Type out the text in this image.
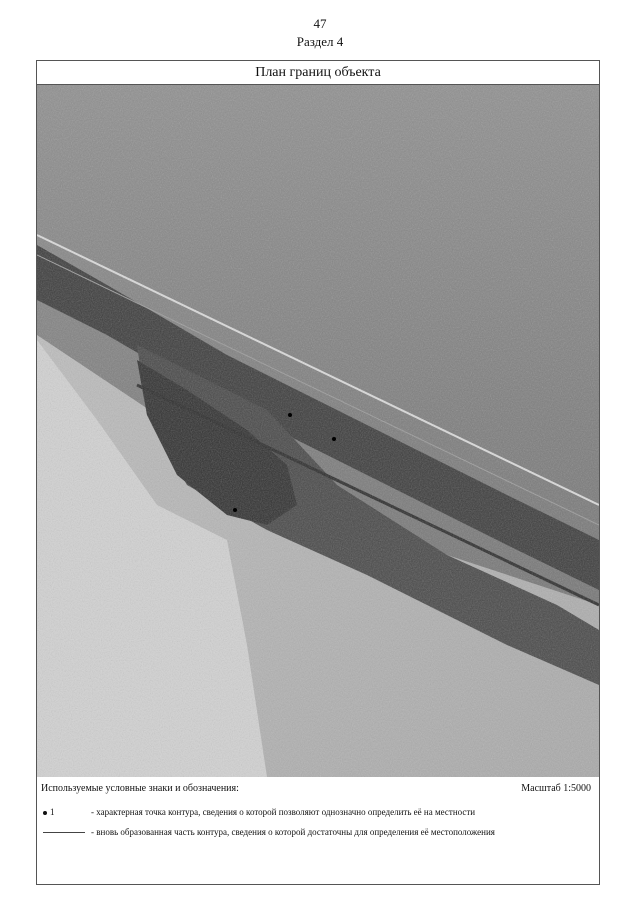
47
Раздел 4
План границ объекта
Используемые условные знаки и обозначения:	Масштаб 1:5000
1	- характерная точка контура, сведения о которой позволяют однозначно определить её на местности
- вновь образованная часть контура, сведения о которой достаточны для определения её местоположения
